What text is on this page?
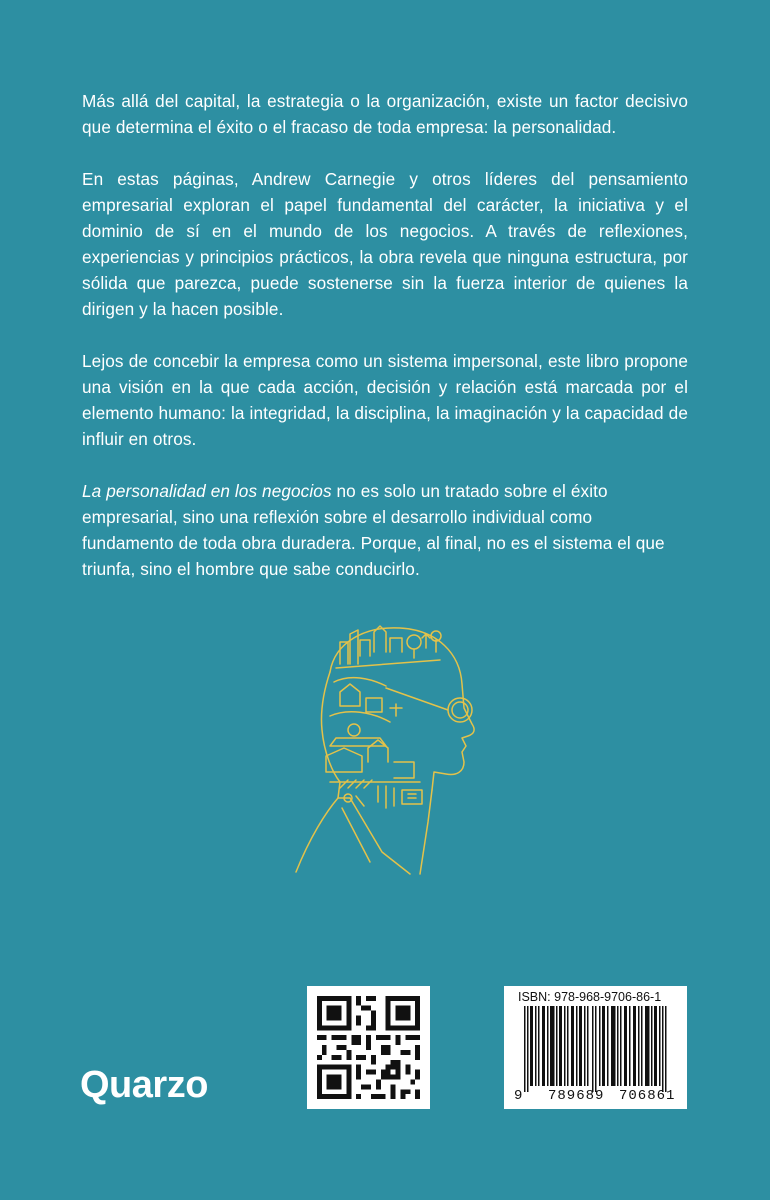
Más allá del capital, la estrategia o la organización, existe un factor decisivo que determina el éxito o el fracaso de toda empresa: la personalidad.

En estas páginas, Andrew Carnegie y otros líderes del pensamiento empresarial exploran el papel fundamental del carácter, la iniciativa y el dominio de sí en el mundo de los negocios. A través de reflexiones, experiencias y principios prácticos, la obra revela que ninguna estructura, por sólida que parezca, puede sostenerse sin la fuerza interior de quienes la dirigen y la hacen posible.

Lejos de concebir la empresa como un sistema impersonal, este libro propone una visión en la que cada acción, decisión y relación está marcada por el elemento humano: la integridad, la disciplina, la imaginación y la capacidad de influir en otros.

La personalidad en los negocios no es solo un tratado sobre el éxito empresarial, sino una reflexión sobre el desarrollo individual como fundamento de toda obra duradera. Porque, al final, no es el sistema el que triunfa, sino el hombre que sabe conducirlo.

Quarzo
ISBN: 978-968-9706-86-1
9 789689 706861
